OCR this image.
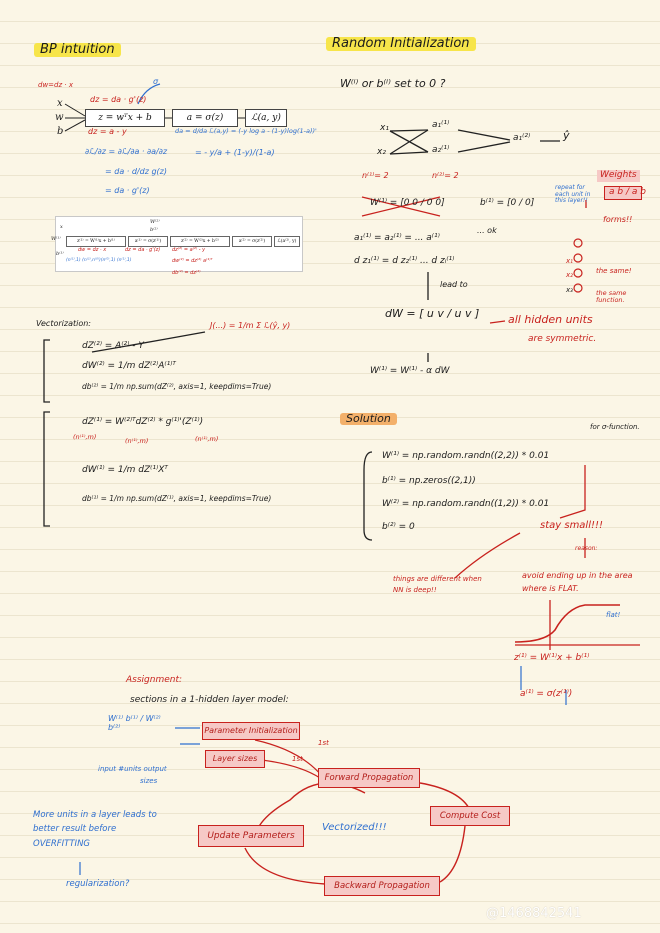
BP intuition
dw=dz · x
x
w
b
z = wᵀx + b	a = σ(z)	ℒ(a, y)
σ
dz = da · g'(z)
dz = a - y	da = d/da ℒ(a,y) = (-y log a - (1-y)log(1-a))'
= - y/a + (1-y)/(1-a)
∂ℒ/∂z = ∂ℒ/∂a · ∂a/∂z
= da · d/dz g(z)
= da · g'(z)
x
W⁽¹⁾
b⁽¹⁾
W⁽²⁾
b⁽²⁾
z⁽¹⁾ = W⁽¹⁾x + b⁽¹⁾	a⁽¹⁾ = σ(z⁽¹⁾)	z⁽²⁾ = W⁽²⁾x + b⁽²⁾	a⁽²⁾ = σ(z⁽²⁾)	ℒ(a⁽²⁾, y)
dw = dz · x	dz = da · g'(z)
(n⁽¹⁾,1) (n⁽¹⁾,n⁽⁰⁾)(n⁽⁰⁾,1) (n⁽¹⁾,1)
dz⁽²⁾ = a⁽²⁾ - y
dw⁽²⁾ = dz⁽²⁾ a⁽¹⁾ᵀ
db⁽²⁾ = dz⁽²⁾
Vectorization:	J(...) = 1/m Σ ℒ(ŷ, y)
dZ⁽²⁾ = A⁽²⁾ - Y
dW⁽²⁾ = 1/m dZ⁽²⁾A⁽¹⁾ᵀ
db⁽²⁾ = 1/m np.sum(dZ⁽²⁾, axis=1, keepdims=True)
dZ⁽¹⁾ = W⁽²⁾ᵀdZ⁽²⁾ * g⁽¹⁾'(Z⁽¹⁾)
(n⁽¹⁾,m)	(n⁽¹⁾,m)	(n⁽¹⁾,m)
dW⁽¹⁾ = 1/m dZ⁽¹⁾Xᵀ
db⁽¹⁾ = 1/m np.sum(dZ⁽¹⁾, axis=1, keepdims=True)
Random Initialization
W⁽ⁱ⁾ or b⁽ⁱ⁾ set to 0 ?
x₁
x₂
a₁⁽¹⁾
a₂⁽¹⁾
a₁⁽²⁾	ŷ
n⁽¹⁾= 2	n⁽²⁾= 2
W⁽¹⁾ = [0 0 / 0 0]	b⁽¹⁾ = [0 / 0]
a₁⁽¹⁾ = a₂⁽¹⁾ = ... a⁽¹⁾
... ok
d z₁⁽¹⁾ = d z₂⁽¹⁾ ... d zᵢ⁽¹⁾
lead to
dW = [ u v / u v ]	all hidden units
are symmetric.
W⁽¹⁾ = W⁽¹⁾ - α dW
Weights
a b / a b
repeat for each unit in this layer!!
forms!!
x₁
x₂
x₃
the same!
the same function.
Solution
for σ-function.
W⁽¹⁾ = np.random.randn((2,2)) * 0.01
b⁽¹⁾ = np.zeros((2,1))
W⁽²⁾ = np.random.randn((1,2)) * 0.01
b⁽²⁾ = 0	stay small!!!
reason:
things are different when NN is deep!!
avoid ending up in the area where is FLAT.
flat!
z⁽¹⁾ = W⁽¹⁾x + b⁽¹⁾
a⁽¹⁾ = σ(z⁽¹⁾)
Assignment:
sections in a 1-hidden layer model:
W⁽¹⁾ b⁽¹⁾ / W⁽²⁾ b⁽²⁾
input #units output
sizes
1st
1st
Parameter Initialization
Layer sizes
Forward Propagation
Compute Cost
Backward Propagation
Update Parameters
Vectorized!!!
More units in a layer leads to better result before OVERFITTING
regularization?
@1468842541
